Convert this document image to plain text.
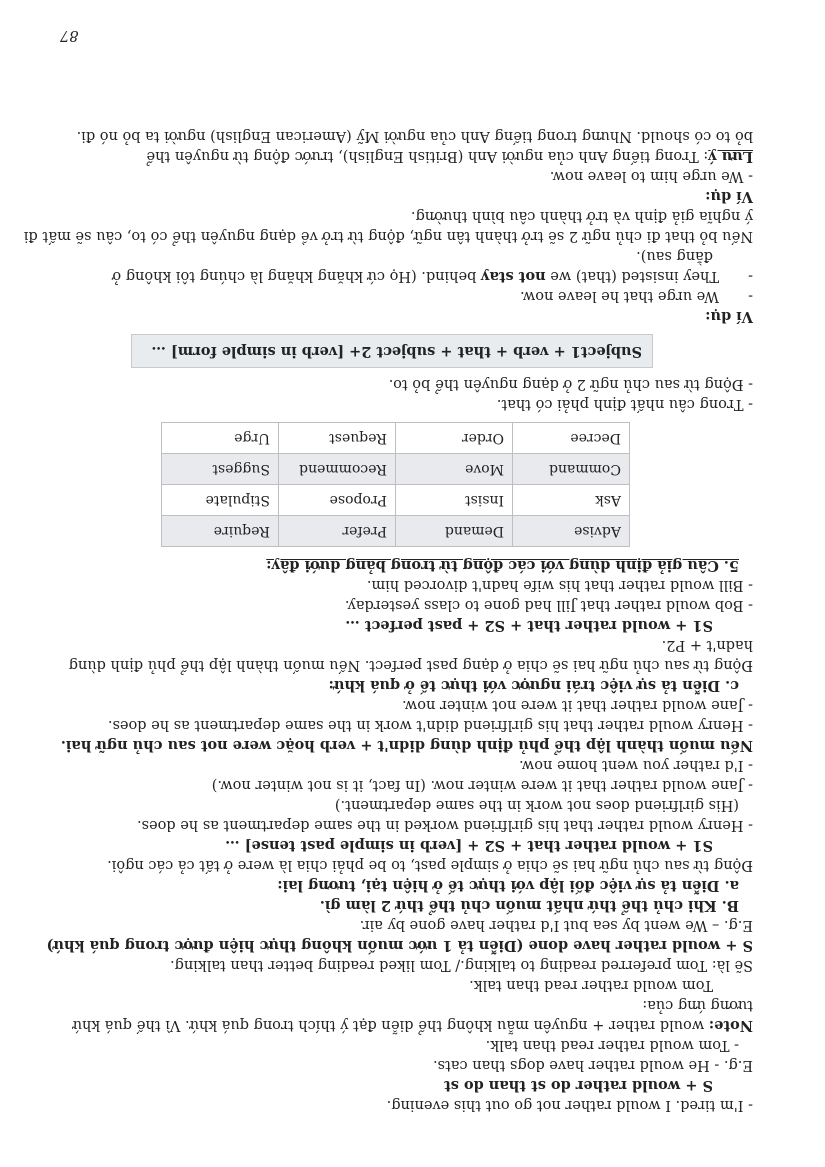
- I'm tired. I would rather not go out this evening.
S + would rather do st than do st
E.g. - He would rather have dogs than cats.
- Tom would rather read than talk.
Note: would rather + nguyên mẫu không thể diễn đạt ý thích trong quá khứ. Vì thế quá khứ
tương ứng của:
Tom would rather read than talk.
Sẽ là: Tom preferred reading to talking./ Tom liked reading better than talking.
S + would rather have done (Diễn tả 1 ước muốn không thực hiện được trong quá khứ)
E.g. – We went by sea but I'd rather have gone by air.
B. Khi chủ thể thứ nhất muốn chủ thể thứ 2 làm gì.
a. Diễn tả sự việc đối lập với thực tế ở hiện tại, tương lai:
Động từ sau chủ ngữ hai sẽ chia ở simple past, to be phải chia là were ở tất cả các ngôi.
S1 + would rather that + S2 + [verb in simple past tense] …
- Henry would rather that his girlfriend worked in the same department as he does.
(His girlfriend does not work in the same department.)
- Jane would rather that it were winter now. (In fact, it is not winter now.)
- I'd rather you went home now.
Nếu muốn thành lập thể phủ định dùng didn't + verb hoặc were not sau chủ ngữ hai.
- Henry would rather that his girlfriend didn't work in the same department as he does.
- Jane would rather that it were not winter now.
c. Diễn tả sự việc trái ngược với thực tế ở quá khứ:
Động từ sau chủ ngữ hai sẽ chia ở dạng past perfect. Nếu muốn thành lập thể phủ định dùng
hadn't + P2.
S1 + would rather that + S2 + past perfect …
- Bob would rather that Jill had gone to class yesterday.
- Bill would rather that his wife hadn't divorced him.
5. Câu giả định dùng với các động từ trong bảng dưới đây:
Advise	Demand	Prefer	Require
Ask	Insist	Propose	Stipulate
Command	Move	Recommend	Suggest
Decree	Order	Request	Urge
- Trong câu nhất định phải có that.
- Động từ sau chủ ngữ 2 ở dạng nguyên thể bỏ to.
Subject1 + verb + that + subject 2+ [verb in simple form] …
Ví dụ:
-
We urge that he leave now.
-
They insisted (that) we not stay behind. (Họ cứ khăng khăng là chúng tôi không ở
đằng sau).
Nếu bỏ that đi chủ ngữ 2 sẽ trở thành tân ngữ, động từ trở về dạng nguyên thể có to, câu sẽ mất đi
ý nghĩa giả định và trở thành câu bình thường.
Ví dụ:
- We urge him to leave now.
Lưu ý: Trong tiếng Anh của người Anh (British English), trước động từ nguyên thể
bỏ to có should. Nhưng trong tiếng Anh của người Mỹ (American English) người ta bỏ nó đi.
87
